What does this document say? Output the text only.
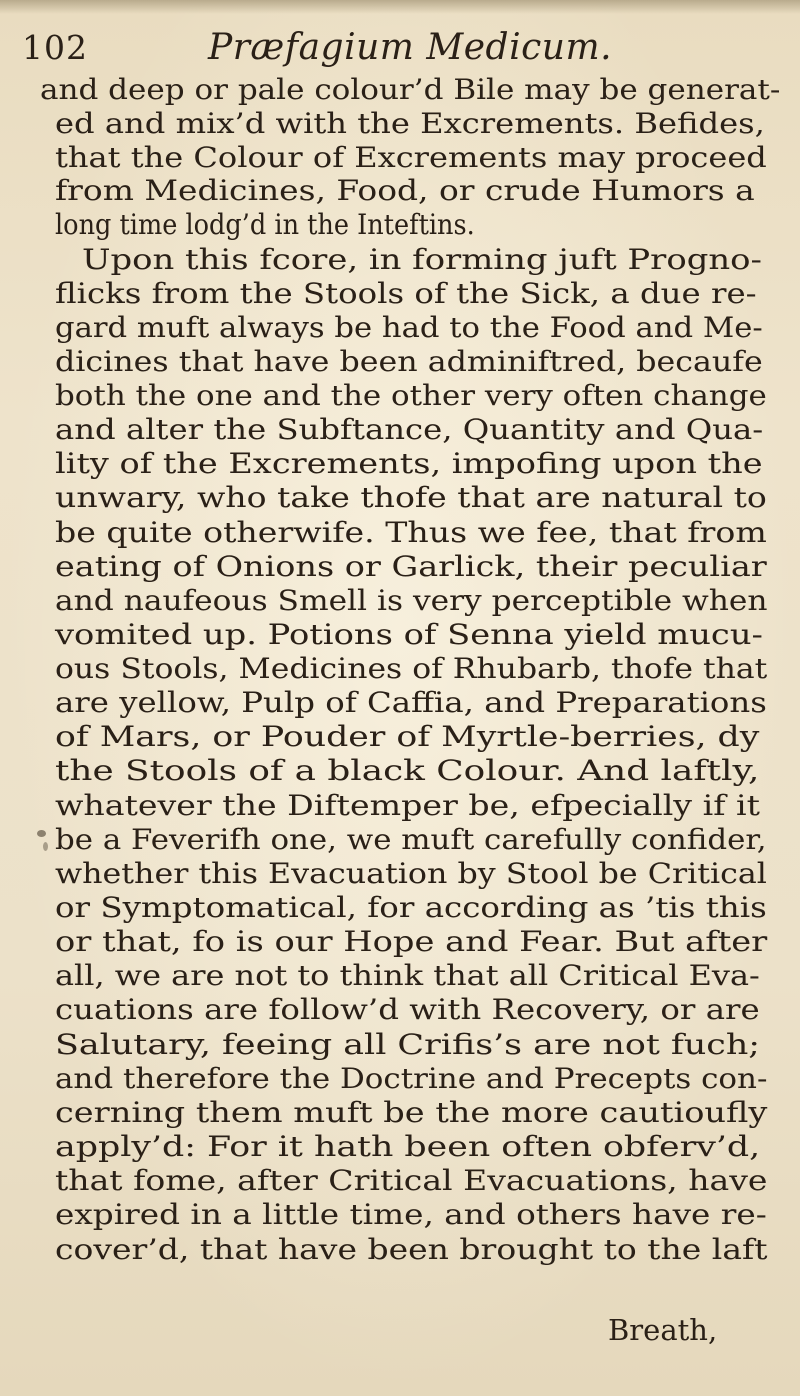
102	Præfagium Medicum.
and deep or pale colour’d Bile may be generat-
ed and mix’d with the Excrements. Befides,
that the Colour of Excrements may proceed
from Medicines, Food, or crude Humors a
long time lodg’d in the Inteftins.
Upon this fcore, in forming juft Progno-
flicks from the Stools of the Sick, a due re-
gard muft always be had to the Food and Me-
dicines that have been adminiftred, becaufe
both the one and the other very often change
and alter the Subftance, Quantity and Qua-
lity of the Excrements, impofing upon the
unwary, who take thofe that are natural to
be quite otherwife. Thus we fee, that from
eating of Onions or Garlick, their peculiar
and naufeous Smell is very perceptible when
vomited up. Potions of Senna yield mucu-
ous Stools, Medicines of Rhubarb, thofe that
are yellow, Pulp of Caffia, and Preparations
of Mars, or Pouder of Myrtle-berries, dy
the Stools of a black Colour. And laftly,
whatever the Diftemper be, efpecially if it
be a Feverifh one, we muft carefully confider,
whether this Evacuation by Stool be Critical
or Symptomatical, for according as ’tis this
or that, fo is our Hope and Fear. But after
all, we are not to think that all Critical Eva-
cuations are follow’d with Recovery, or are
Salutary, feeing all Crifis’s are not fuch;
and therefore the Doctrine and Precepts con-
cerning them muft be the more cautioufly
apply’d: For it hath been often obferv’d,
that fome, after Critical Evacuations, have
expired in a little time, and others have re-
cover’d, that have been brought to the laft
Breath,
